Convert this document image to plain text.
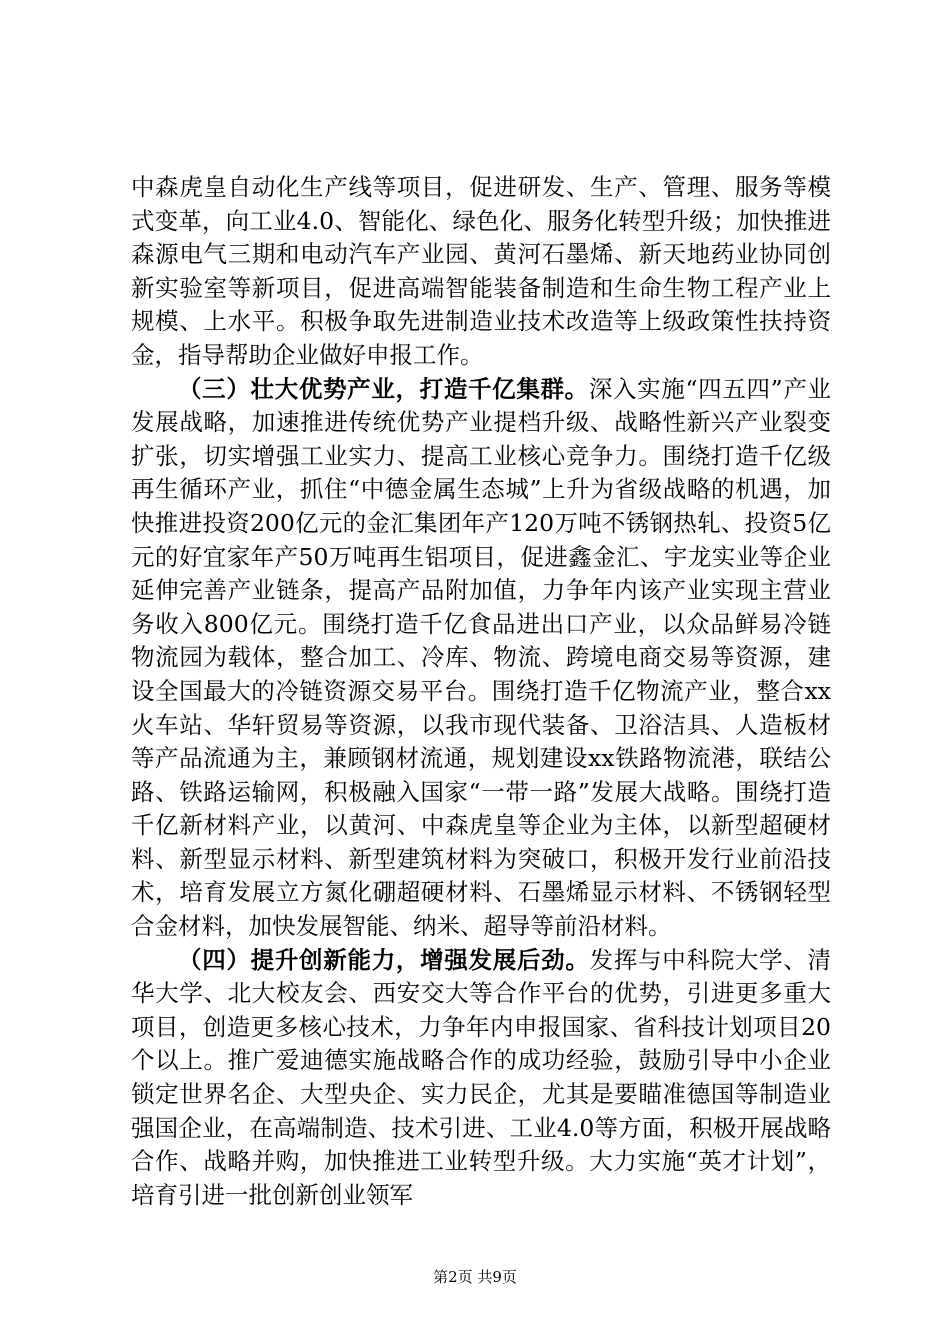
中森虎皇自动化生产线等项目，促进研发、生产、管理、服务等模式变革，向工业4.0、智能化、绿色化、服务化转型升级；加快推进森源电气三期和电动汽车产业园、黄河石墨烯、新天地药业协同创新实验室等新项目，促进高端智能装备制造和生命生物工程产业上规模、上水平。积极争取先进制造业技术改造等上级政策性扶持资金，指导帮助企业做好申报工作。

（三）壮大优势产业，打造千亿集群。深入实施“四五四”产业发展战略，加速推进传统优势产业提档升级、战略性新兴产业裂变扩张，切实增强工业实力、提高工业核心竞争力。围绕打造千亿级再生循环产业，抓住“中德金属生态城”上升为省级战略的机遇，加快推进投资200亿元的金汇集团年产120万吨不锈钢热轧、投资5亿元的好宜家年产50万吨再生铝项目，促进鑫金汇、宇龙实业等企业延伸完善产业链条，提高产品附加值，力争年内该产业实现主营业务收入800亿元。围绕打造千亿食品进出口产业，以众品鲜易冷链物流园为载体，整合加工、冷库、物流、跨境电商交易等资源，建设全国最大的冷链资源交易平台。围绕打造千亿物流产业，整合xx火车站、华轩贸易等资源，以我市现代装备、卫浴洁具、人造板材等产品流通为主，兼顾钢材流通，规划建设xx铁路物流港，联结公路、铁路运输网，积极融入国家“一带一路”发展大战略。围绕打造千亿新材料产业，以黄河、中森虎皇等企业为主体，以新型超硬材料、新型显示材料、新型建筑材料为突破口，积极开发行业前沿技术，培育发展立方氮化硼超硬材料、石墨烯显示材料、不锈钢轻型合金材料，加快发展智能、纳米、超导等前沿材料。

（四）提升创新能力，增强发展后劲。发挥与中科院大学、清华大学、北大校友会、西安交大等合作平台的优势，引进更多重大项目，创造更多核心技术，力争年内申报国家、省科技计划项目20个以上。推广爱迪德实施战略合作的成功经验，鼓励引导中小企业锁定世界名企、大型央企、实力民企，尤其是要瞄准德国等制造业强国企业，在高端制造、技术引进、工业4.0等方面，积极开展战略合作、战略并购，加快推进工业转型升级。大力实施“英才计划”，培育引进一批创新创业领军

第2页 共9页
